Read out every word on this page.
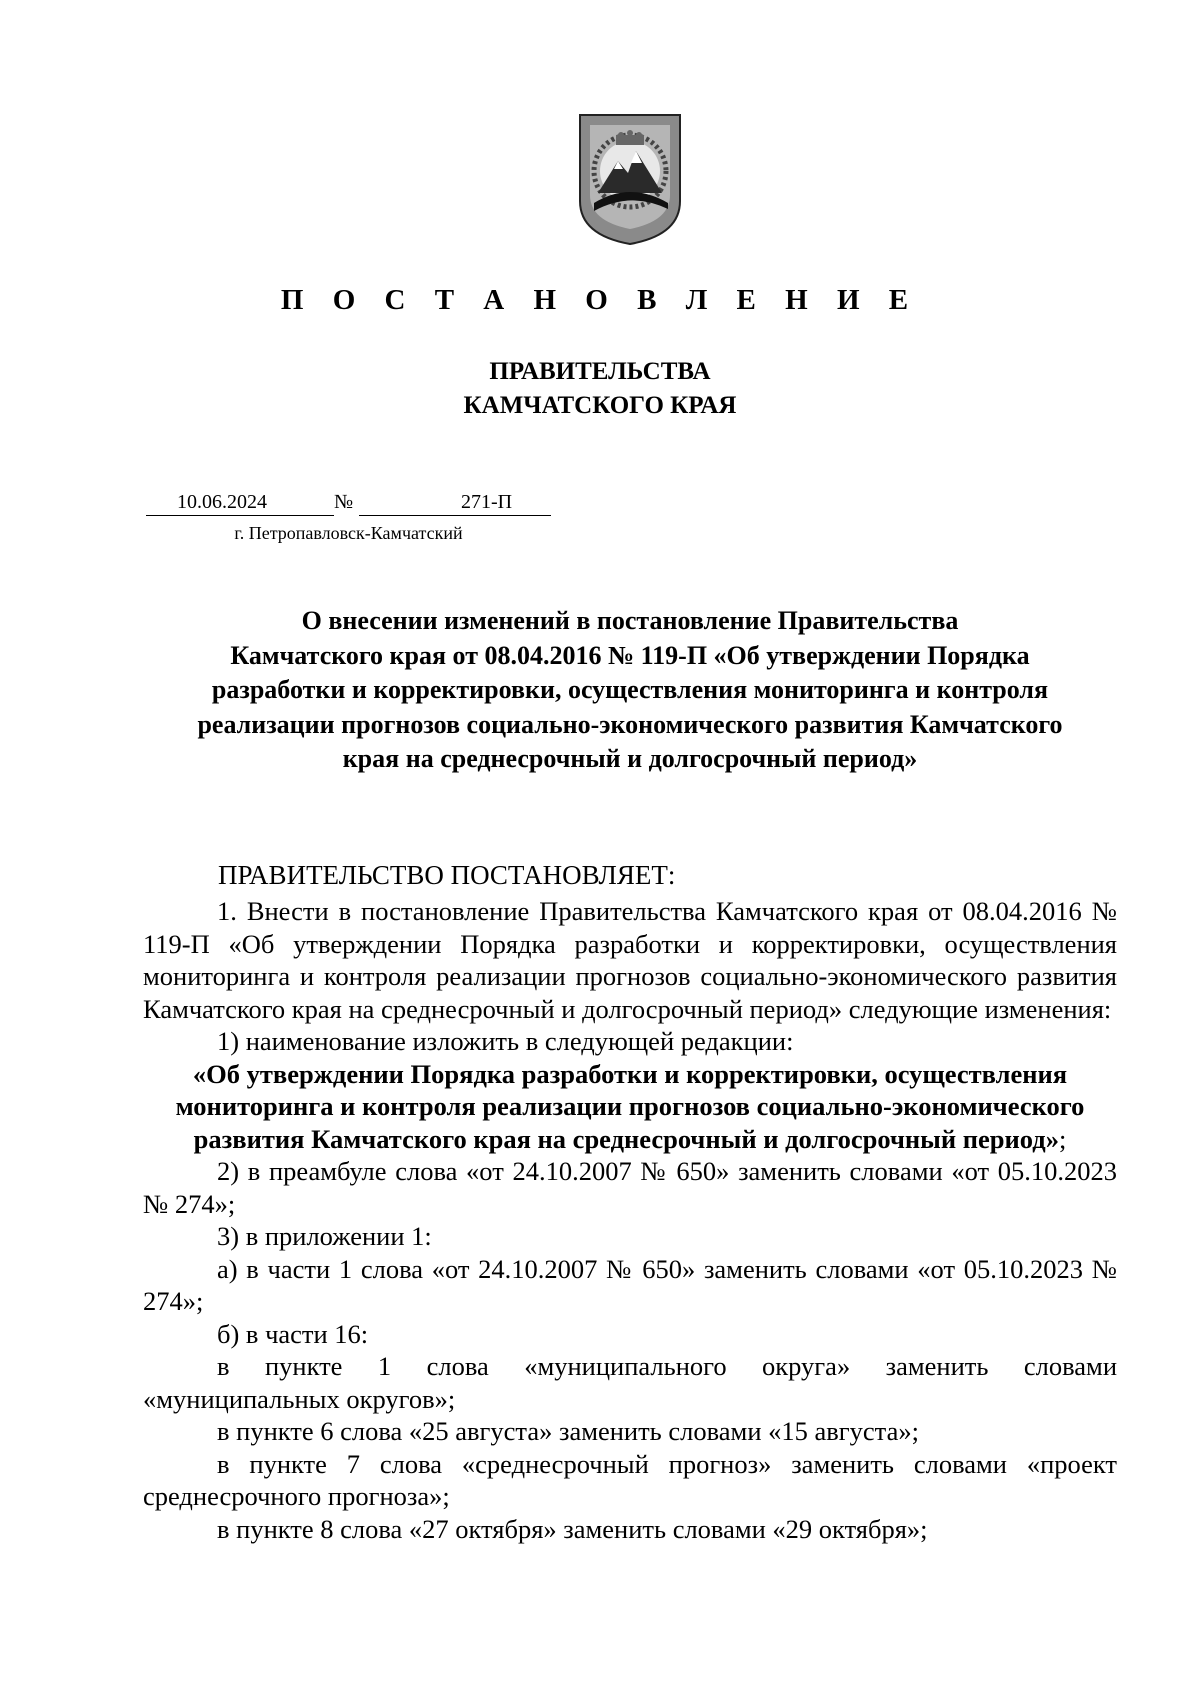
П О С Т А Н О В Л Е Н И Е
ПРАВИТЕЛЬСТВА
КАМЧАТСКОГО КРАЯ
10.06.2024	№	271-П
г. Петропавловск-Камчатский
О внесении изменений в постановление Правительства
Камчатского края от 08.04.2016 № 119-П «Об утверждении Порядка
разработки и корректировки, осуществления мониторинга и контроля
реализации прогнозов социально-экономического развития Камчатского
края на среднесрочный и долгосрочный период»
ПРАВИТЕЛЬСТВО ПОСТАНОВЛЯЕТ:

1. Внести в постановление Правительства Камчатского края от 08.04.2016 № 119-П «Об утверждении Порядка разработки и корректировки, осуществления мониторинга и контроля реализации прогнозов социально-экономического развития Камчатского края на среднесрочный и долгосрочный период» следующие изменения:

1) наименование изложить в следующей редакции:

«Об утверждении Порядка разработки и корректировки, осуществления мониторинга и контроля реализации прогнозов социально-экономического развития Камчатского края на среднесрочный и долгосрочный период»;

2) в преамбуле слова «от 24.10.2007 № 650» заменить словами «от 05.10.2023 № 274»;

3) в приложении 1:

а) в части 1 слова «от 24.10.2007 № 650» заменить словами «от 05.10.2023 № 274»;

б) в части 16:

в пункте 1 слова «муниципального округа» заменить словами «муниципальных округов»;

в пункте 6 слова «25 августа» заменить словами «15 августа»;

в пункте 7 слова «среднесрочный прогноз» заменить словами «проект среднесрочного прогноза»;

в пункте 8 слова «27 октября» заменить словами «29 октября»;
